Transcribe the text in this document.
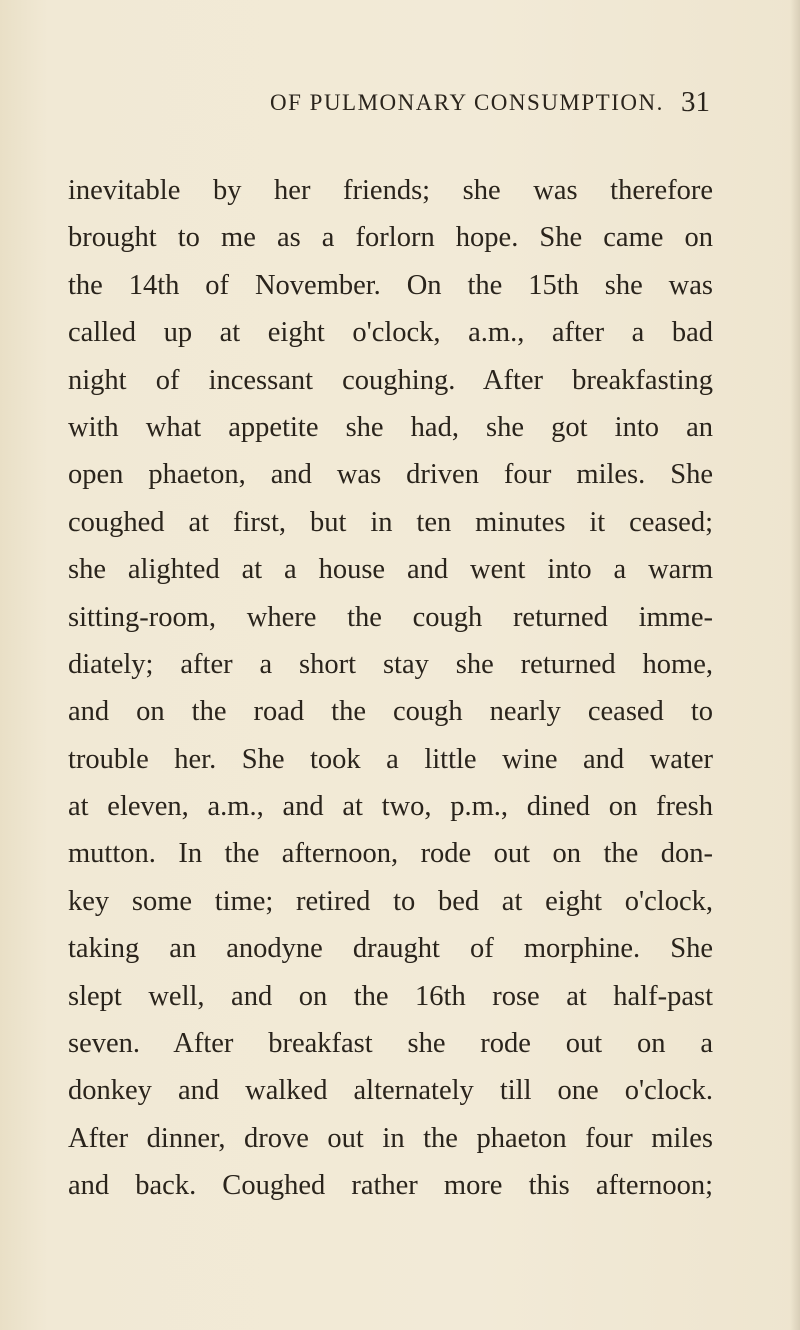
OF PULMONARY CONSUMPTION. 31
inevitable by her friends; she was therefore
brought to me as a forlorn hope. She came on
the 14th of November. On the 15th she was
called up at eight o'clock, a.m., after a bad
night of incessant coughing. After breakfasting
with what appetite she had, she got into an
open phaeton, and was driven four miles. She
coughed at first, but in ten minutes it ceased;
she alighted at a house and went into a warm
sitting-room, where the cough returned imme-
diately; after a short stay she returned home,
and on the road the cough nearly ceased to
trouble her. She took a little wine and water
at eleven, a.m., and at two, p.m., dined on fresh
mutton. In the afternoon, rode out on the don-
key some time; retired to bed at eight o'clock,
taking an anodyne draught of morphine. She
slept well, and on the 16th rose at half-past
seven. After breakfast she rode out on a
donkey and walked alternately till one o'clock.
After dinner, drove out in the phaeton four miles
and back. Coughed rather more this afternoon;
